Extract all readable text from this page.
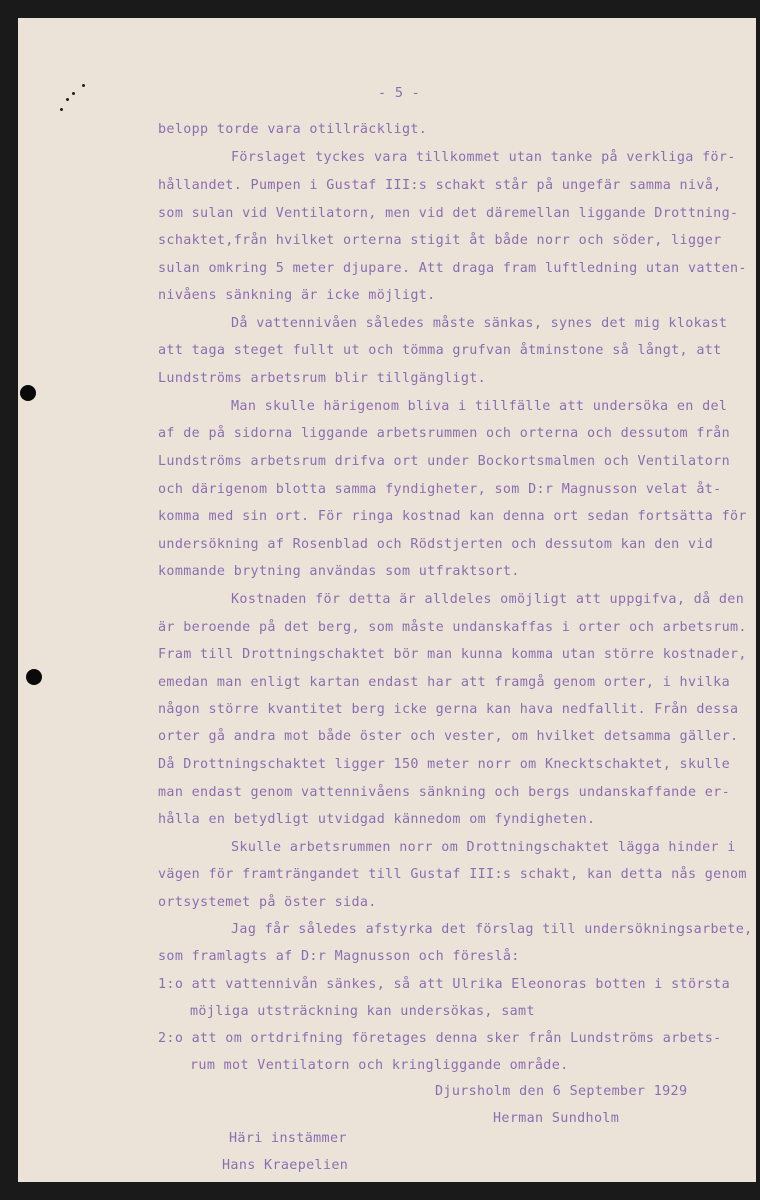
- 5 -
belopp torde vara otillräckligt.
Förslaget tyckes vara tillkommet utan tanke på verkliga för-
hållandet. Pumpen i Gustaf III:s schakt står på ungefär samma nivå,
som sulan vid Ventilatorn, men vid det däremellan liggande Drottning-
schaktet,från hvilket orterna stigit åt både norr och söder, ligger
sulan omkring 5 meter djupare. Att draga fram luftledning utan vatten-
nivåens sänkning är icke möjligt.
Då vattennivåen således måste sänkas, synes det mig klokast
att taga steget fullt ut och tömma grufvan åtminstone så långt, att
Lundströms arbetsrum blir tillgängligt.
Man skulle härigenom bliva i tillfälle att undersöka en del
af de på sidorna liggande arbetsrummen och orterna och dessutom från
Lundströms arbetsrum drifva ort under Bockortsmalmen och Ventilatorn
och därigenom blotta samma fyndigheter, som D:r Magnusson velat åt-
komma med sin ort. För ringa kostnad kan denna ort sedan fortsätta för
undersökning af Rosenblad och Rödstjerten och dessutom kan den vid
kommande brytning användas som utfraktsort.
Kostnaden för detta är alldeles omöjligt att uppgifva, då den
är beroende på det berg, som måste undanskaffas i orter och arbetsrum.
Fram till Drottningschaktet bör man kunna komma utan större kostnader,
emedan man enligt kartan endast har att framgå genom orter, i hvilka
någon större kvantitet berg icke gerna kan hava nedfallit. Från dessa
orter gå andra mot både öster och vester, om hvilket detsamma gäller.
Då Drottningschaktet ligger 150 meter norr om Knecktschaktet, skulle
man endast genom vattennivåens sänkning och bergs undanskaffande er-
hålla en betydligt utvidgad kännedom om fyndigheten.
Skulle arbetsrummen norr om Drottningschaktet lägga hinder i
vägen för framträngandet till Gustaf III:s schakt, kan detta nås genom
ortsystemet på öster sida.
Jag får således afstyrka det förslag till undersökningsarbete,
som framlagts af D:r Magnusson och föreslå:
1:o att vattennivån sänkes, så att Ulrika Eleonoras botten i största
möjliga utsträckning kan undersökas, samt
2:o att om ortdrifning företages denna sker från Lundströms arbets-
rum mot Ventilatorn och kringliggande område.
Djursholm den 6 September 1929
Herman Sundholm
Häri instämmer
Hans Kraepelien
